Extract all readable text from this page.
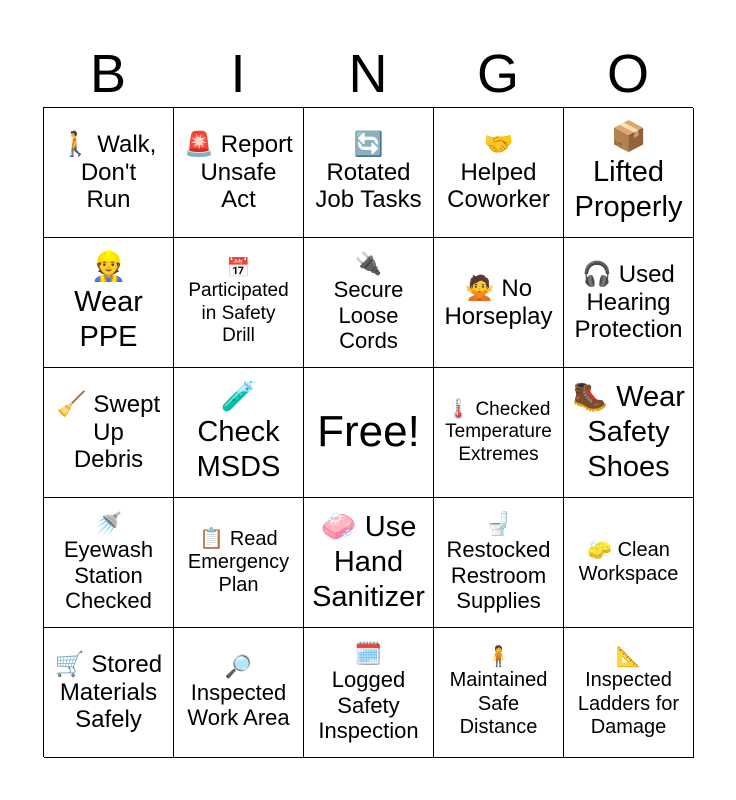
B	I	N	G	O
🚶 Walk,
Don't
Run
🚨 Report
Unsafe
Act
🔄
Rotated
Job Tasks
🤝
Helped
Coworker
📦
Lifted
Properly
👷
Wear
PPE
📅
Participated
in Safety
Drill
🔌
Secure
Loose
Cords
🙅 No
Horseplay
🎧 Used
Hearing
Protection
🧹 Swept
Up
Debris
🧪
Check
MSDS
Free! 🌡️ Checked
Temperature
Extremes
🥾 Wear
Safety
Shoes
🚿
Eyewash
Station
Checked
📋 Read
Emergency
Plan
🧼 Use
Hand
Sanitizer
🚽
Restocked
Restroom
Supplies
🧽 Clean
Workspace
🛒 Stored
Materials
Safely
🔎
Inspected
Work Area
🗓️
Logged
Safety
Inspection
🧍
Maintained
Safe
Distance
📐
Inspected
Ladders for
Damage
